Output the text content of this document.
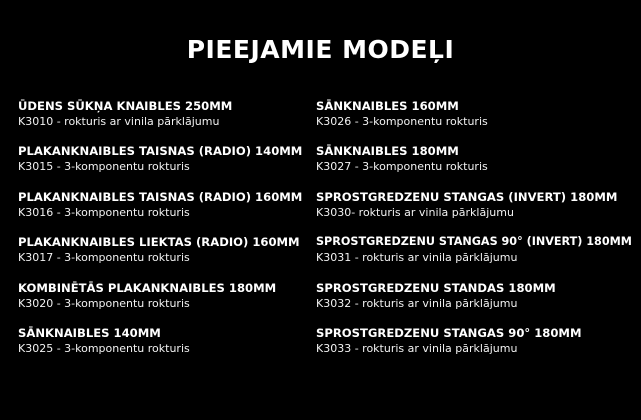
PIEEJAMIE MODEĻI
ŪDENS SŪKŅA KNAIBLES 250MM
K3010 - rokturis ar vinila pārklājumu
PLAKANKNAIBLES TAISNAS (RADIO) 140MM
K3015 - 3-komponentu rokturis
PLAKANKNAIBLES TAISNAS (RADIO) 160MM
K3016 - 3-komponentu rokturis
PLAKANKNAIBLES LIEKTAS (RADIO) 160MM
K3017 - 3-komponentu rokturis
KOMBINĒTĀS PLAKANKNAIBLES 180MM
K3020 - 3-komponentu rokturis
SĀNKNAIBLES 140MM
K3025 - 3-komponentu rokturis
SĀNKNAIBLES 160MM
K3026 - 3-komponentu rokturis
SĀNKNAIBLES 180MM
K3027 - 3-komponentu rokturis
SPROSTGREDZENU STANGAS (INVERT) 180MM
K3030- rokturis ar vinila pārklājumu
SPROSTGREDZENU STANGAS 90° (INVERT) 180MM
K3031 - rokturis ar vinila pārklājumu
SPROSTGREDZENU STANDAS 180MM
K3032 - rokturis ar vinila pārklājumu
SPROSTGREDZENU STANGAS 90° 180MM
K3033 - rokturis ar vinila pārklājumu
